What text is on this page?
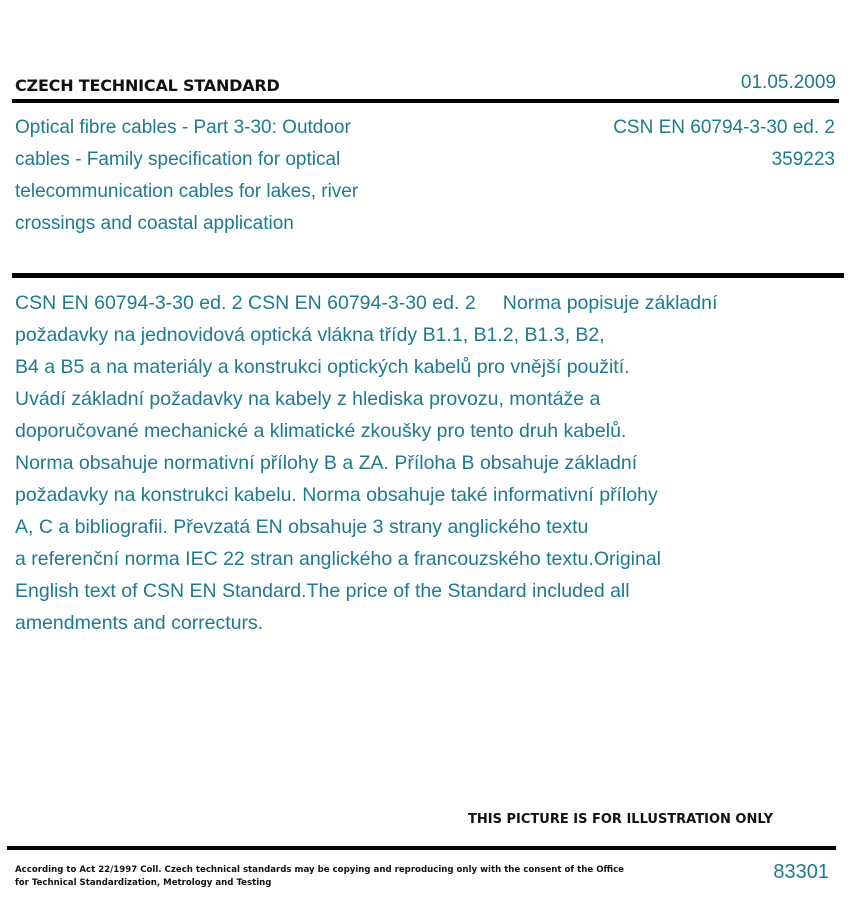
CZECH TECHNICAL STANDARD	01.05.2009
Optical fibre cables - Part 3-30: Outdoor
cables - Family specification for optical
telecommunication cables for lakes, river
crossings and coastal application
CSN EN 60794-3-30 ed. 2
359223
CSN EN 60794-3-30 ed. 2 CSN EN 60794-3-30 ed. 2     Norma popisuje základní
požadavky na jednovidová optická vlákna třídy B1.1, B1.2, B1.3, B2,
B4 a B5 a na materiály a konstrukci optických kabelů pro vnější použití.
Uvádí základní požadavky na kabely z hlediska provozu, montáže a
doporučované mechanické a klimatické zkoušky pro tento druh kabelů.
Norma obsahuje normativní přílohy B a ZA. Příloha B obsahuje základní
požadavky na konstrukci kabelu. Norma obsahuje také informativní přílohy
A, C a bibliografii. Převzatá EN obsahuje 3 strany anglického textu
a referenční norma IEC 22 stran anglického a francouzského textu.Original
English text of CSN EN Standard.The price of the Standard included all
amendments and correcturs.
THIS PICTURE IS FOR ILLUSTRATION ONLY
According to Act 22/1997 Coll. Czech technical standards may be copying and reproducing only with the consent of the Office
for Technical Standardization, Metrology and Testing	83301
